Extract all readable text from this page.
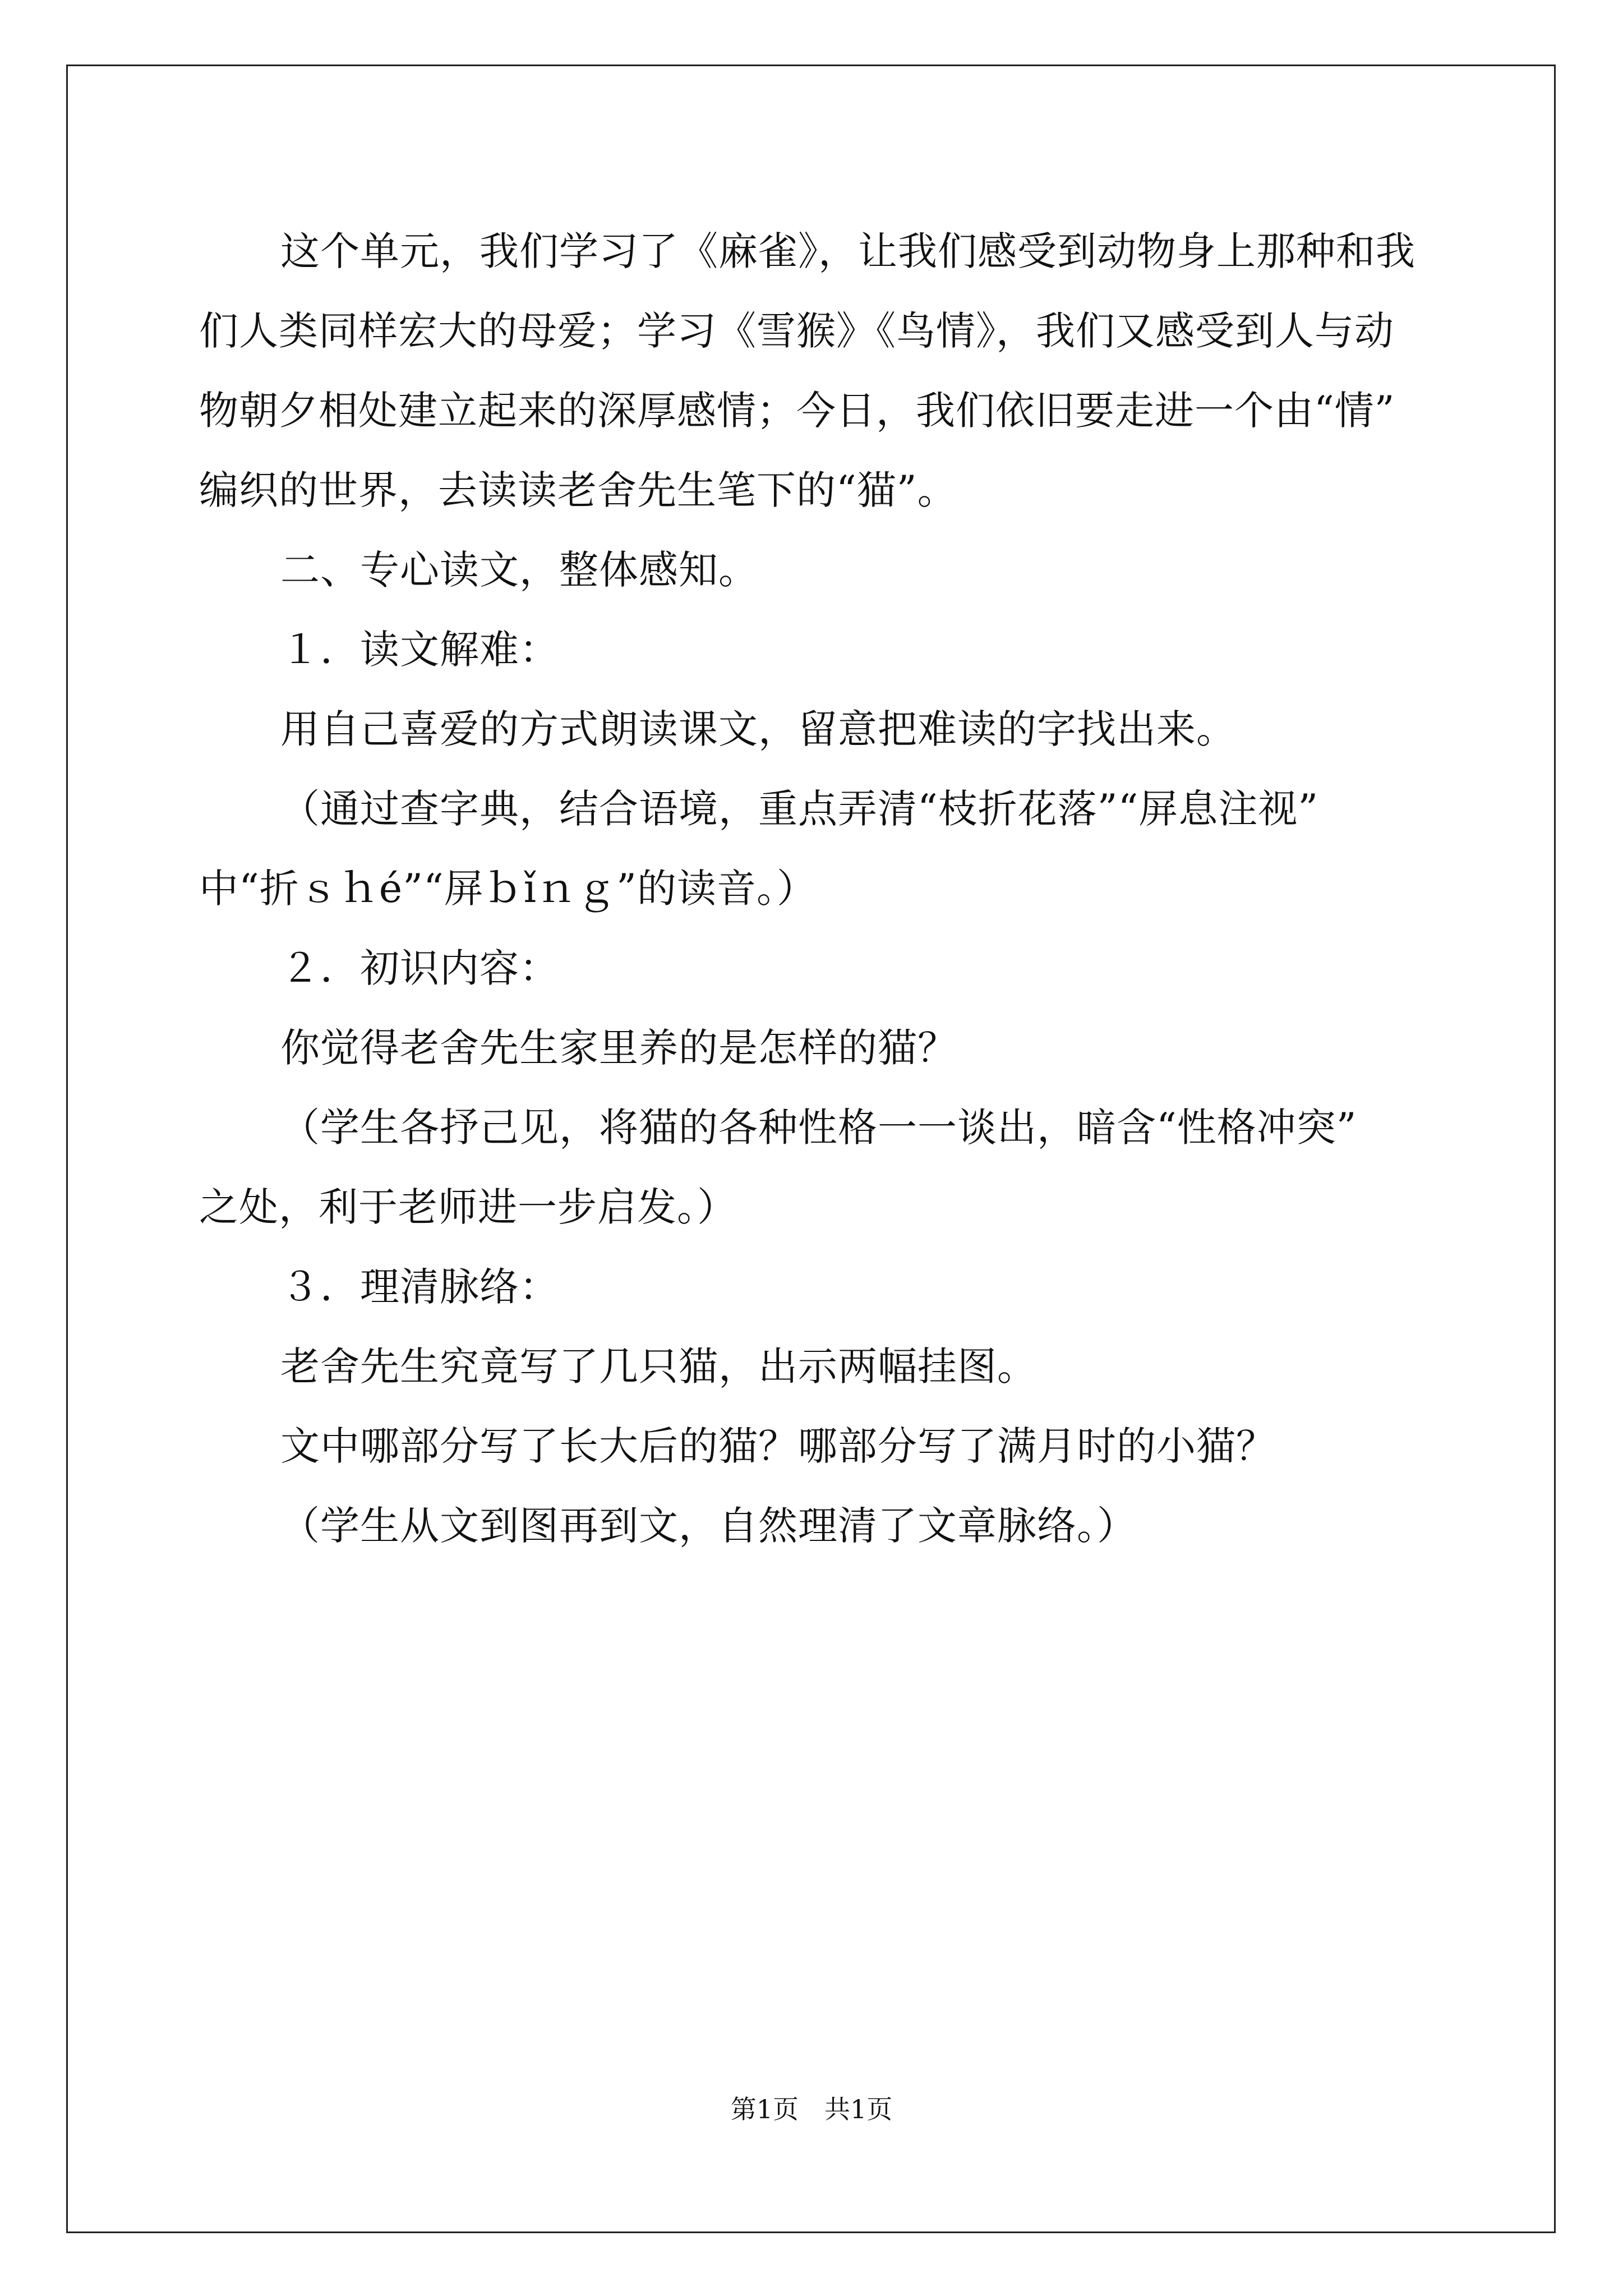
这个单元，我们学习了《麻雀》，让我们感受到动物身上那种和我
们人类同样宏大的母爱；学习《雪猴》《鸟情》，我们又感受到人与动
物朝夕相处建立起来的深厚感情；今日，我们依旧要走进一个由“情”
编织的世界，去读读老舍先生笔下的“猫”。
二、专心读文，整体感知。
１．读文解难：
用自己喜爱的方式朗读课文，留意把难读的字找出来。
（通过查字典，结合语境，重点弄清“枝折花落”“屏息注视”
中“折ｓｈé”“屏ｂǐｎｇ”的读音。）
２．初识内容：
你觉得老舍先生家里养的是怎样的猫？
（学生各抒己见，将猫的各种性格一一谈出，暗含“性格冲突”
之处，利于老师进一步启发。）
３．理清脉络：
老舍先生究竟写了几只猫，出示两幅挂图。
文中哪部分写了长大后的猫？哪部分写了满月时的小猫？
（学生从文到图再到文，自然理清了文章脉络。）
第1页　共1页
